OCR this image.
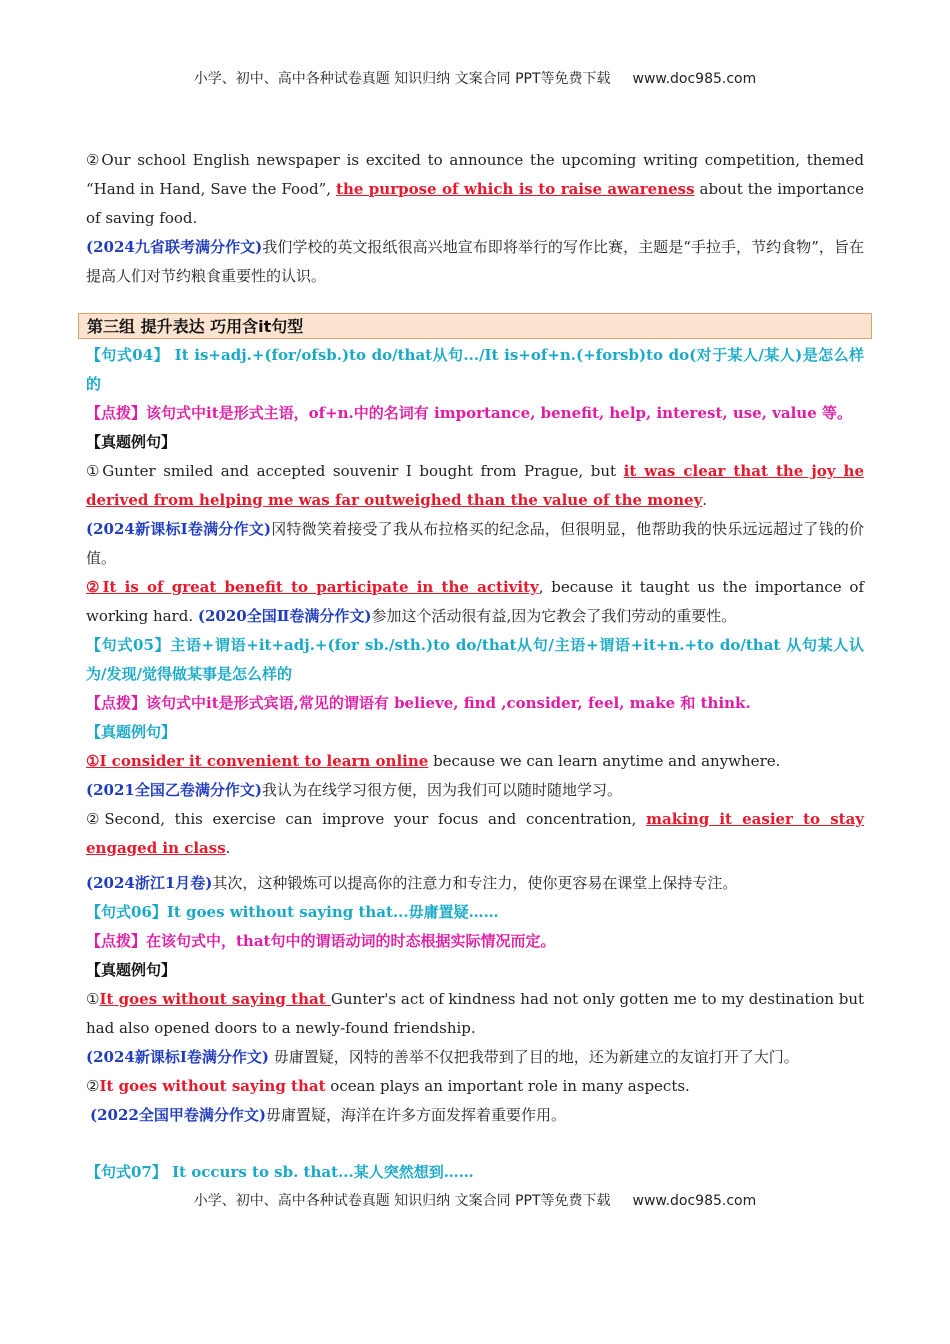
小学、初中、高中各种试卷真题 知识归纳 文案合同 PPT等免费下载 www.doc985.com

②Our school English newspaper is excited to announce the upcoming writing competition, themed “Hand in Hand, Save the Food”, the purpose of which is to raise awareness about the importance of saving food.

(2024九省联考满分作文)我们学校的英文报纸很高兴地宣布即将举行的写作比赛，主题是“手拉手，节约食物”，旨在提高人们对节约粮食重要性的认识。

第三组 提升表达 巧用含it句型

【句式04】 It is+adj.+(for/ofsb.)to do/that从句.../It is+of+n.(+forsb)to do(对于某人/某人)是怎么样的

【点拨】该句式中it是形式主语，of+n.中的名词有 importance, benefit, help, interest, use, value 等。

【真题例句】

①Gunter smiled and accepted souvenir I bought from Prague, but it was clear that the joy he derived from helping me was far outweighed than the value of the money.

(2024新课标I卷满分作文)冈特微笑着接受了我从布拉格买的纪念品，但很明显，他帮助我的快乐远远超过了钱的价值。

②It is of great benefit to participate in the activity, because it taught us the importance of working hard. (2020全国Ⅱ卷满分作文)参加这个活动很有益,因为它教会了我们劳动的重要性。

【句式05】主语+谓语+it+adj.+(for sb./sth.)to do/that从句/主语+谓语+it+n.+to do/that 从句某人认为/发现/觉得做某事是怎么样的

【点拨】该句式中it是形式宾语,常见的谓语有 believe, find ,consider, feel, make 和 think.

【真题例句】

①I consider it convenient to learn online because we can learn anytime and anywhere.

(2021全国乙卷满分作文)我认为在线学习很方便，因为我们可以随时随地学习。

②Second, this exercise can improve your focus and concentration, making it easier to stay engaged in class.

(2024浙江1月卷)其次，这种锻炼可以提高你的注意力和专注力，使你更容易在课堂上保持专注。

【句式06】It goes without saying that...毋庸置疑……

【点拨】在该句式中，that句中的谓语动词的时态根据实际情况而定。

【真题例句】

①It goes without saying that Gunter's act of kindness had not only gotten me to my destination but had also opened doors to a newly-found friendship.

(2024新课标I卷满分作文) 毋庸置疑，冈特的善举不仅把我带到了目的地，还为新建立的友谊打开了大门。

②It goes without saying that ocean plays an important role in many aspects.

(2022全国甲卷满分作文)毋庸置疑，海洋在许多方面发挥着重要作用。

【句式07】 It occurs to sb. that...某人突然想到……

小学、初中、高中各种试卷真题 知识归纳 文案合同 PPT等免费下载 www.doc985.com
